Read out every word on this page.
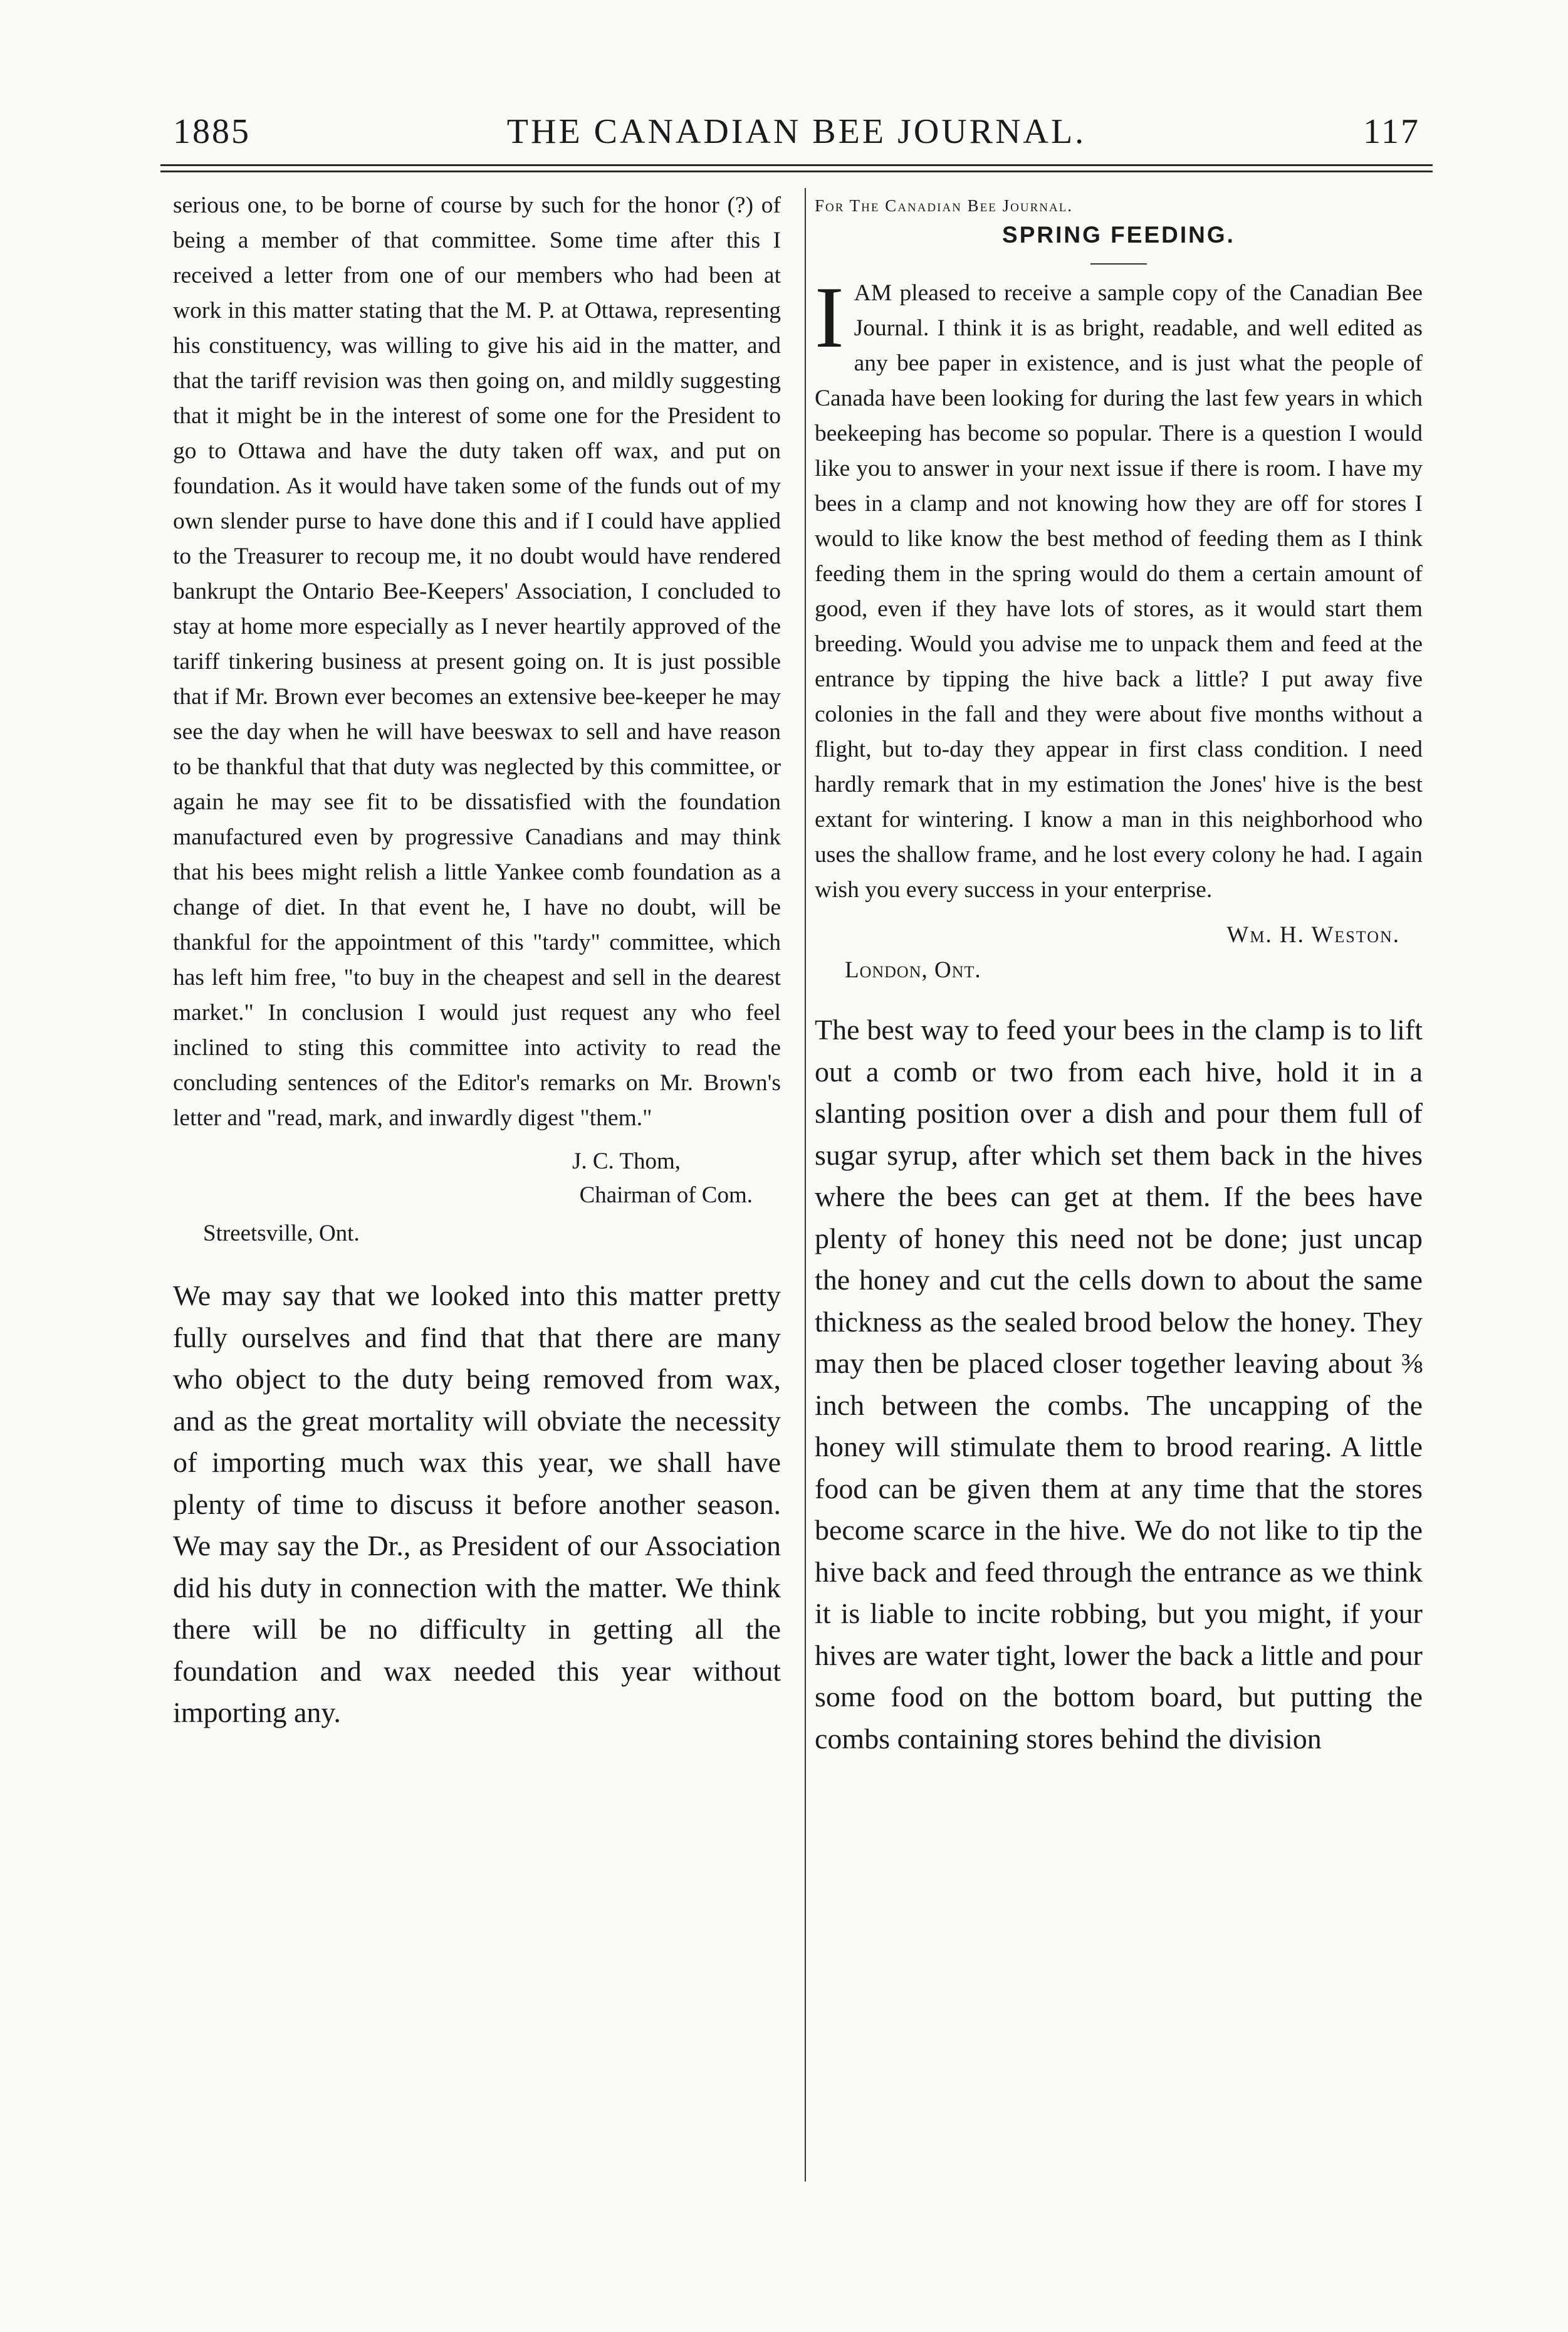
1885	THE CANADIAN BEE JOURNAL.	117

serious one, to be borne of course by such for the honor (?) of being a member of that committee. Some time after this I received a letter from one of our members who had been at work in this matter stating that the M. P. at Ottawa, representing his constituency, was willing to give his aid in the matter, and that the tariff revision was then going on, and mildly suggesting that it might be in the interest of some one for the President to go to Ottawa and have the duty taken off wax, and put on foundation. As it would have taken some of the funds out of my own slender purse to have done this and if I could have applied to the Treasurer to recoup me, it no doubt would have rendered bankrupt the Ontario Bee-Keepers' Association, I concluded to stay at home more especially as I never heartily approved of the tariff tinkering business at present going on. It is just possible that if Mr. Brown ever becomes an extensive bee-keeper he may see the day when he will have beeswax to sell and have reason to be thankful that that duty was neglected by this committee, or again he may see fit to be dissatisfied with the foundation manufactured even by progressive Canadians and may think that his bees might relish a little Yankee comb foundation as a change of diet. In that event he, I have no doubt, will be thankful for the appointment of this "tardy" committee, which has left him free, "to buy in the cheapest and sell in the dearest market." In conclusion I would just request any who feel inclined to sting this committee into activity to read the concluding sentences of the Editor's remarks on Mr. Brown's letter and "read, mark, and inwardly digest "them."

J. C. Thom,
Chairman of Com.
Streetsville, Ont.

We may say that we looked into this matter pretty fully ourselves and find that that there are many who object to the duty being removed from wax, and as the great mortality will obviate the necessity of importing much wax this year, we shall have plenty of time to discuss it before another season. We may say the Dr., as President of our Association did his duty in connection with the matter. We think there will be no difficulty in getting all the foundation and wax needed this year without importing any.

For The Canadian Bee Journal.
SPRING FEEDING.
I AM pleased to receive a sample copy of the Canadian Bee Journal. I think it is as bright, readable, and well edited as any bee paper in existence, and is just what the people of Canada have been looking for during the last few years in which beekeeping has become so popular. There is a question I would like you to answer in your next issue if there is room. I have my bees in a clamp and not knowing how they are off for stores I would to like know the best method of feeding them as I think feeding them in the spring would do them a certain amount of good, even if they have lots of stores, as it would start them breeding. Would you advise me to unpack them and feed at the entrance by tipping the hive back a little? I put away five colonies in the fall and they were about five months without a flight, but to-day they appear in first class condition. I need hardly remark that in my estimation the Jones' hive is the best extant for wintering. I know a man in this neighborhood who uses the shallow frame, and he lost every colony he had. I again wish you every success in your enterprise.

Wm. H. Weston.
London, Ont.

The best way to feed your bees in the clamp is to lift out a comb or two from each hive, hold it in a slanting position over a dish and pour them full of sugar syrup, after which set them back in the hives where the bees can get at them. If the bees have plenty of honey this need not be done; just uncap the honey and cut the cells down to about the same thickness as the sealed brood below the honey. They may then be placed closer together leaving about ⅜ inch between the combs. The uncapping of the honey will stimulate them to brood rearing. A little food can be given them at any time that the stores become scarce in the hive. We do not like to tip the hive back and feed through the entrance as we think it is liable to incite robbing, but you might, if your hives are water tight, lower the back a little and pour some food on the bottom board, but putting the combs containing stores behind the division
